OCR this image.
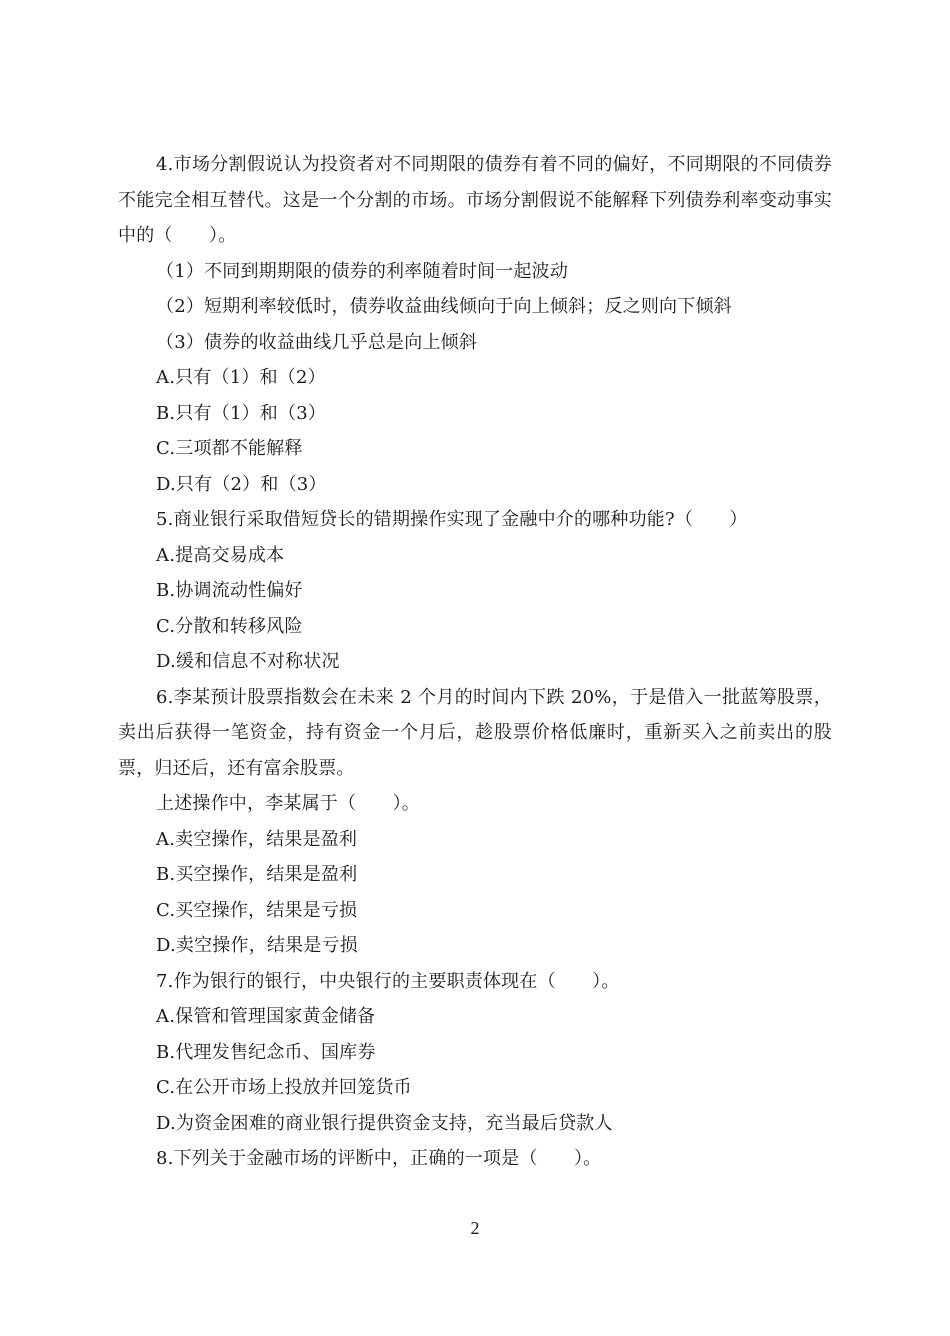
4.市场分割假说认为投资者对不同期限的债券有着不同的偏好，不同期限的不同债券不能完全相互替代。这是一个分割的市场。市场分割假说不能解释下列债券利率变动事实中的（　　）。

（1）不同到期期限的债券的利率随着时间一起波动

（2）短期利率较低时，债券收益曲线倾向于向上倾斜；反之则向下倾斜

（3）债券的收益曲线几乎总是向上倾斜

A.只有（1）和（2）

B.只有（1）和（3）

C.三项都不能解释

D.只有（2）和（3）

5.商业银行采取借短贷长的错期操作实现了金融中介的哪种功能?（　　）

A.提高交易成本

B.协调流动性偏好

C.分散和转移风险

D.缓和信息不对称状况

6.李某预计股票指数会在未来 2 个月的时间内下跌 20%，于是借入一批蓝筹股票，卖出后获得一笔资金，持有资金一个月后，趁股票价格低廉时，重新买入之前卖出的股票，归还后，还有富余股票。

上述操作中，李某属于（　　）。

A.卖空操作，结果是盈利

B.买空操作，结果是盈利

C.买空操作，结果是亏损

D.卖空操作，结果是亏损

7.作为银行的银行，中央银行的主要职责体现在（　　）。

A.保管和管理国家黄金储备

B.代理发售纪念币、国库券

C.在公开市场上投放并回笼货币

D.为资金困难的商业银行提供资金支持，充当最后贷款人

8.下列关于金融市场的评断中，正确的一项是（　　）。

2
